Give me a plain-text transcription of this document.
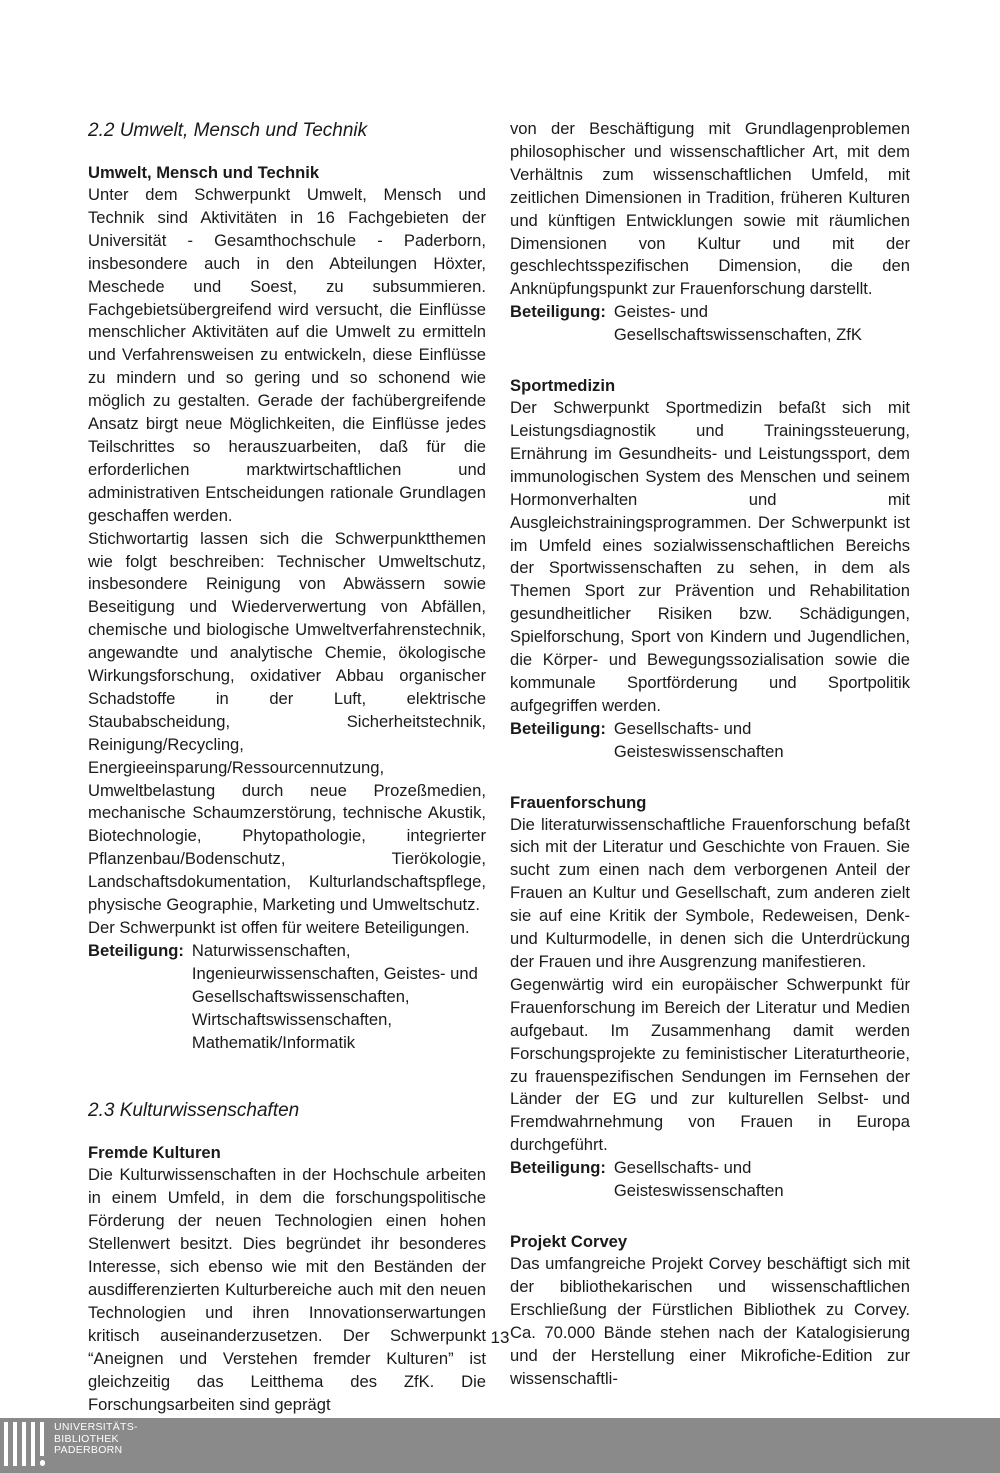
2.2 Umwelt, Mensch und Technik
Umwelt, Mensch und Technik

Unter dem Schwerpunkt Umwelt, Mensch und Technik sind Aktivitäten in 16 Fachgebieten der Universität - Gesamthochschule - Paderborn, insbesondere auch in den Abteilungen Höxter, Meschede und Soest, zu subsummieren. Fachgebietsübergreifend wird versucht, die Einflüsse menschlicher Aktivitäten auf die Umwelt zu ermitteln und Verfahrensweisen zu entwickeln, diese Einflüsse zu mindern und so gering und so schonend wie möglich zu gestalten. Gerade der fachübergreifende Ansatz birgt neue Möglichkeiten, die Einflüsse jedes Teilschrittes so herauszuarbeiten, daß für die erforderlichen marktwirtschaftlichen und administrativen Entscheidungen rationale Grundlagen geschaffen werden.

Stichwortartig lassen sich die Schwerpunktthemen wie folgt beschreiben: Technischer Umweltschutz, insbesondere Reinigung von Abwässern sowie Beseitigung und Wiederverwertung von Abfällen, chemische und biologische Umweltverfahrenstechnik, angewandte und analytische Chemie, ökologische Wirkungsforschung, oxidativer Abbau organischer Schadstoffe in der Luft, elektrische Staubabscheidung, Sicherheitstechnik, Reinigung/Recycling, Energieeinsparung/Ressourcennutzung, Umweltbelastung durch neue Prozeßmedien, mechanische Schaumzerstörung, technische Akustik, Biotechnologie, Phytopathologie, integrierter Pflanzenbau/Bodenschutz, Tierökologie, Landschaftsdokumentation, Kulturlandschaftspflege, physische Geographie, Marketing und Umweltschutz.

Der Schwerpunkt ist offen für weitere Beteiligungen.

Beteiligung: Naturwissenschaften, Ingenieurwissenschaften, Geistes- und Gesellschaftswissenschaften, Wirtschaftswissenschaften, Mathematik/Informatik
2.3 Kulturwissenschaften
Fremde Kulturen

Die Kulturwissenschaften in der Hochschule arbeiten in einem Umfeld, in dem die forschungspolitische Förderung der neuen Technologien einen hohen Stellenwert besitzt. Dies begründet ihr besonderes Interesse, sich ebenso wie mit den Beständen der ausdifferenzierten Kulturbereiche auch mit den neuen Technologien und ihren Innovationserwartungen kritisch auseinanderzusetzen. Der Schwerpunkt “Aneignen und Verstehen fremder Kulturen” ist gleichzeitig das Leitthema des ZfK. Die Forschungsarbeiten sind geprägt

von der Beschäftigung mit Grundlagenproblemen philosophischer und wissenschaftlicher Art, mit dem Verhältnis zum wissenschaftlichen Umfeld, mit zeitlichen Dimensionen in Tradition, früheren Kulturen und künftigen Entwicklungen sowie mit räumlichen Dimensionen von Kultur und mit der geschlechtsspezifischen Dimension, die den Anknüpfungspunkt zur Frauenforschung darstellt.

Beteiligung: Geistes- und Gesellschaftswissenschaften, ZfK
Sportmedizin

Der Schwerpunkt Sportmedizin befaßt sich mit Leistungsdiagnostik und Trainingssteuerung, Ernährung im Gesundheits- und Leistungssport, dem immunologischen System des Menschen und seinem Hormonverhalten und mit Ausgleichstrainingsprogrammen. Der Schwerpunkt ist im Umfeld eines sozialwissenschaftlichen Bereichs der Sportwissenschaften zu sehen, in dem als Themen Sport zur Prävention und Rehabilitation gesundheitlicher Risiken bzw. Schädigungen, Spielforschung, Sport von Kindern und Jugendlichen, die Körper- und Bewegungssozialisation sowie die kommunale Sportförderung und Sportpolitik aufgegriffen werden.

Beteiligung: Gesellschafts- und Geisteswissenschaften
Frauenforschung

Die literaturwissenschaftliche Frauenforschung befaßt sich mit der Literatur und Geschichte von Frauen. Sie sucht zum einen nach dem verborgenen Anteil der Frauen an Kultur und Gesellschaft, zum anderen zielt sie auf eine Kritik der Symbole, Redeweisen, Denk- und Kulturmodelle, in denen sich die Unterdrückung der Frauen und ihre Ausgrenzung manifestieren.

Gegenwärtig wird ein europäischer Schwerpunkt für Frauenforschung im Bereich der Literatur und Medien aufgebaut. Im Zusammenhang damit werden Forschungsprojekte zu feministischer Literaturtheorie, zu frauenspezifischen Sendungen im Fernsehen der Länder der EG und zur kulturellen Selbst- und Fremdwahrnehmung von Frauen in Europa durchgeführt.

Beteiligung: Gesellschafts- und Geisteswissenschaften
Projekt Corvey

Das umfangreiche Projekt Corvey beschäftigt sich mit der bibliothekarischen und wissenschaftlichen Erschließung der Fürstlichen Bibliothek zu Corvey. Ca. 70.000 Bände stehen nach der Katalogisierung und der Herstellung einer Mikrofiche-Edition zur wissenschaftli-

13
UNIVERSITÄTS-
BIBLIOTHEK
PADERBORN
